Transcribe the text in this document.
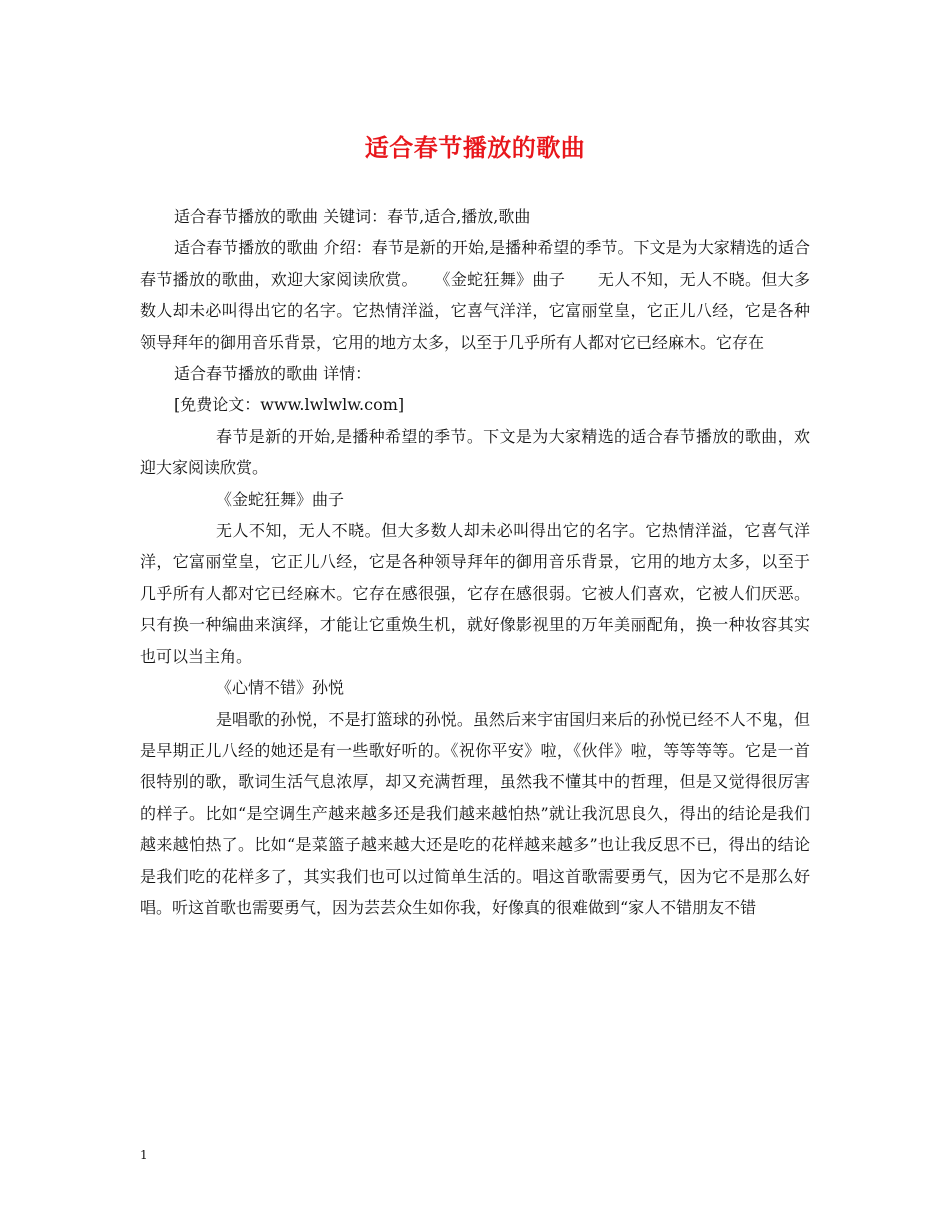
适合春节播放的歌曲

适合春节播放的歌曲 关键词：春节,适合,播放,歌曲

适合春节播放的歌曲 介绍：春节是新的开始,是播种希望的季节。下文是为大家精选的适合春节播放的歌曲，欢迎大家阅读欣赏。　　《金蛇狂舞》曲子　　无人不知，无人不晓。但大多数人却未必叫得出它的名字。它热情洋溢，它喜气洋洋，它富丽堂皇，它正儿八经，它是各种领导拜年的御用音乐背景，它用的地方太多，以至于几乎所有人都对它已经麻木。它存在

适合春节播放的歌曲 详情：

[免费论文：www.lwlwlw.com]

春节是新的开始,是播种希望的季节。下文是为大家精选的适合春节播放的歌曲，欢迎大家阅读欣赏。

《金蛇狂舞》曲子

无人不知，无人不晓。但大多数人却未必叫得出它的名字。它热情洋溢，它喜气洋洋，它富丽堂皇，它正儿八经，它是各种领导拜年的御用音乐背景，它用的地方太多，以至于几乎所有人都对它已经麻木。它存在感很强，它存在感很弱。它被人们喜欢，它被人们厌恶。只有换一种编曲来演绎，才能让它重焕生机，就好像影视里的万年美丽配角，换一种妆容其实也可以当主角。

《心情不错》孙悦

是唱歌的孙悦，不是打篮球的孙悦。虽然后来宇宙国归来后的孙悦已经不人不鬼，但是早期正儿八经的她还是有一些歌好听的。《祝你平安》啦，《伙伴》啦，等等等等。它是一首很特别的歌，歌词生活气息浓厚，却又充满哲理，虽然我不懂其中的哲理，但是又觉得很厉害的样子。比如“是空调生产越来越多还是我们越来越怕热”就让我沉思良久，得出的结论是我们越来越怕热了。比如“是菜篮子越来越大还是吃的花样越来越多”也让我反思不已，得出的结论是我们吃的花样多了，其实我们也可以过简单生活的。唱这首歌需要勇气，因为它不是那么好唱。听这首歌也需要勇气，因为芸芸众生如你我，好像真的很难做到“家人不错朋友不错

1
